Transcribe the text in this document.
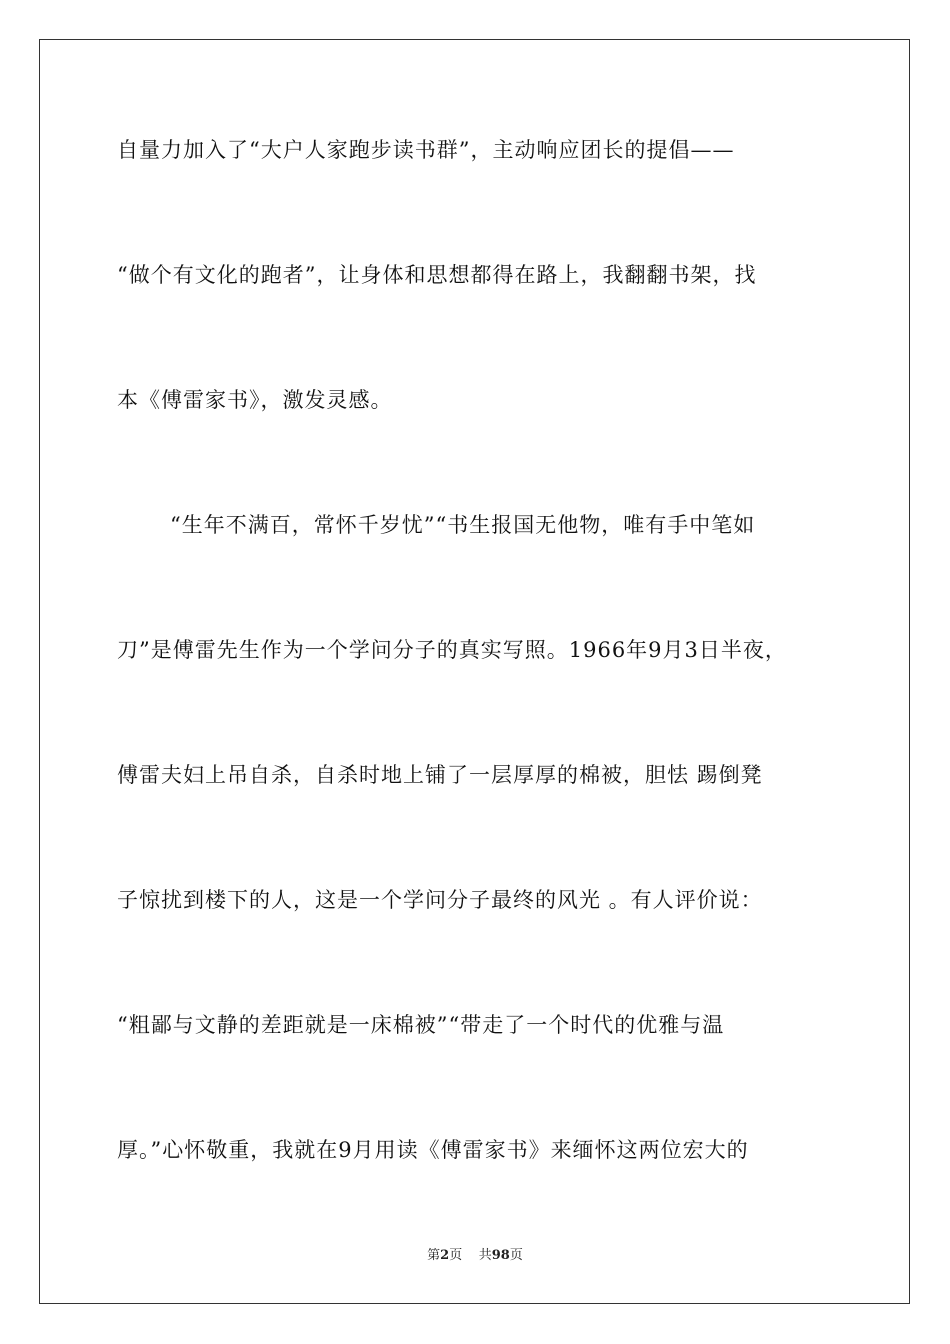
自量力加入了“大户人家跑步读书群”，主动响应团长的提倡——
“做个有文化的跑者”，让身体和思想都得在路上，我翻翻书架，找
本《傅雷家书》，激发灵感。
“生年不满百，常怀千岁忧”“书生报国无他物，唯有手中笔如
刀”是傅雷先生作为一个学问分子的真实写照。1966年9月3日半夜，
傅雷夫妇上吊自杀，自杀时地上铺了一层厚厚的棉被，胆怯 踢倒凳
子惊扰到楼下的人，这是一个学问分子最终的风光 。有人评价说：
“粗鄙与文静的差距就是一床棉被”“带走了一个时代的优雅与温
厚。”心怀敬重，我就在9月用读《傅雷家书》来缅怀这两位宏大的
第2页 共98页
